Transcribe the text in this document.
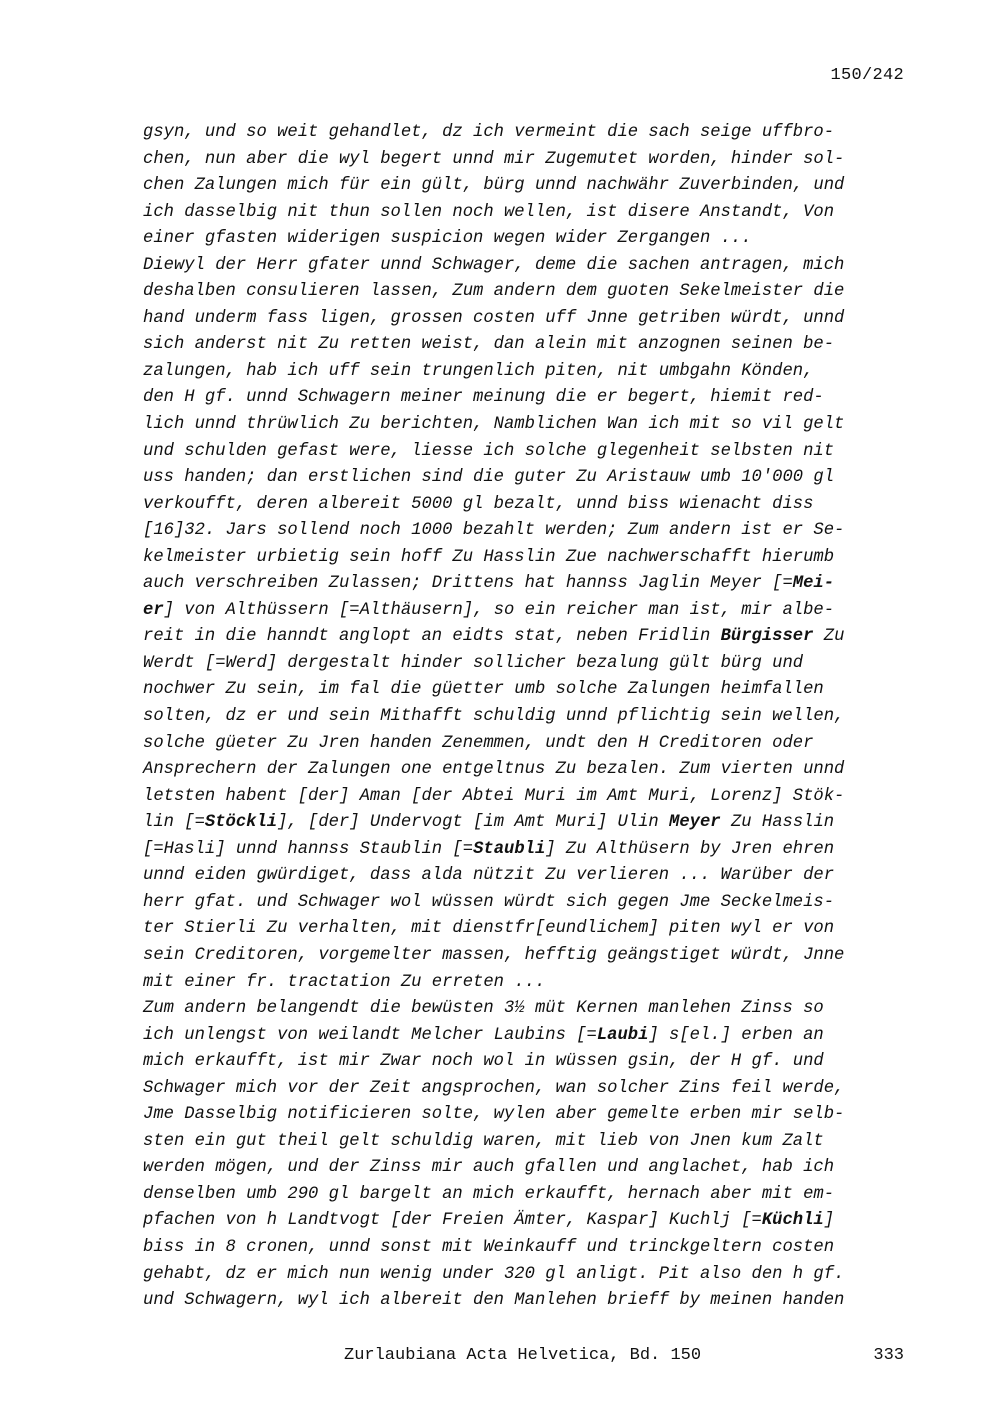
150/242
gsyn, und so weit gehandlet, dz ich vermeint die sach seige uffbro-
chen, nun aber die wyl begert unnd mir Zugemutet worden, hinder sol-
chen Zalungen mich für ein gült, bürg unnd nachwähr Zuverbinden, und
ich dasselbig nit thun sollen noch wellen, ist disere Anstandt, Von
einer gfasten widerigen suspicion wegen wider Zergangen ...
Diewyl der Herr gfater unnd Schwager, deme die sachen antragen, mich
deshalben consulieren lassen, Zum andern dem guoten Sekelmeister die
hand underm fass ligen, grossen costen uff Jnne getriben würdt, unnd
sich anderst nit Zu retten weist, dan alein mit anzognen seinen be-
zalungen, hab ich uff sein trungenlich piten, nit umbgahn Könden,
den H gf. unnd Schwagern meiner meinung die er begert, hiemit red-
lich unnd thrüwlich Zu berichten, Namblichen Wan ich mit so vil gelt
und schulden gefast were, liesse ich solche glegenheit selbsten nit
uss handen; dan erstlichen sind die guter Zu Aristauw umb 10'000 gl
verkoufft, deren albereit 5000 gl bezalt, unnd biss wienacht diss
[16]32. Jars sollend noch 1000 bezahlt werden; Zum andern ist er Se-
kelmeister urbietig sein hoff Zu Hasslin Zue nachwerschafft hierumb
auch verschreiben Zulassen; Drittens hat hannss Jaglin Meyer [=Mei-
er] von Althüssern [=Althäusern], so ein reicher man ist, mir albe-
reit in die hanndt anglopt an eidts stat, neben Fridlin Bürgisser Zu
Werdt [=Werd] dergestalt hinder sollicher bezalung gült bürg und
nochwer Zu sein, im fal die güetter umb solche Zalungen heimfallen
solten, dz er und sein Mithafft schuldig unnd pflichtig sein wellen,
solche güeter Zu Jren handen Zenemmen, undt den H Creditoren oder
Ansprechern der Zalungen one entgeltnus Zu bezalen. Zum vierten unnd
letsten habent [der] Aman [der Abtei Muri im Amt Muri, Lorenz] Stök-
lin [=Stöckli], [der] Undervogt [im Amt Muri] Ulin Meyer Zu Hasslin
[=Hasli] unnd hannss Staublin [=Staubli] Zu Althüsern by Jren ehren
unnd eiden gwürdiget, dass alda nützit Zu verlieren ... Warüber der
herr gfat. und Schwager wol wüssen würdt sich gegen Jme Seckelmeis-
ter Stierli Zu verhalten, mit dienstfr[eundlichem] piten wyl er von
sein Creditoren, vorgemelter massen, hefftig geängstiget würdt, Jnne
mit einer fr. tractation Zu erreten ...
Zum andern belangendt die bewüsten 3½ müt Kernen manlehen Zinss so
ich unlengst von weilandt Melcher Laubins [=Laubi] s[el.] erben an
mich erkaufft, ist mir Zwar noch wol in wüssen gsin, der H gf. und
Schwager mich vor der Zeit angsprochen, wan solcher Zins feil werde,
Jme Dasselbig notificieren solte, wylen aber gemelte erben mir selb-
sten ein gut theil gelt schuldig waren, mit lieb von Jnen kum Zalt
werden mögen, und der Zinss mir auch gfallen und anglachet, hab ich
denselben umb 290 gl bargelt an mich erkaufft, hernach aber mit em-
pfachen von h Landtvogt [der Freien Ämter, Kaspar] Kuchlj [=Küchli]
biss in 8 cronen, unnd sonst mit Weinkauff und trinckgeltern costen
gehabt, dz er mich nun wenig under 320 gl anligt. Pit also den h gf.
und Schwagern, wyl ich albereit den Manlehen brieff by meinen handen
Zurlaubiana Acta Helvetica, Bd. 150	333
